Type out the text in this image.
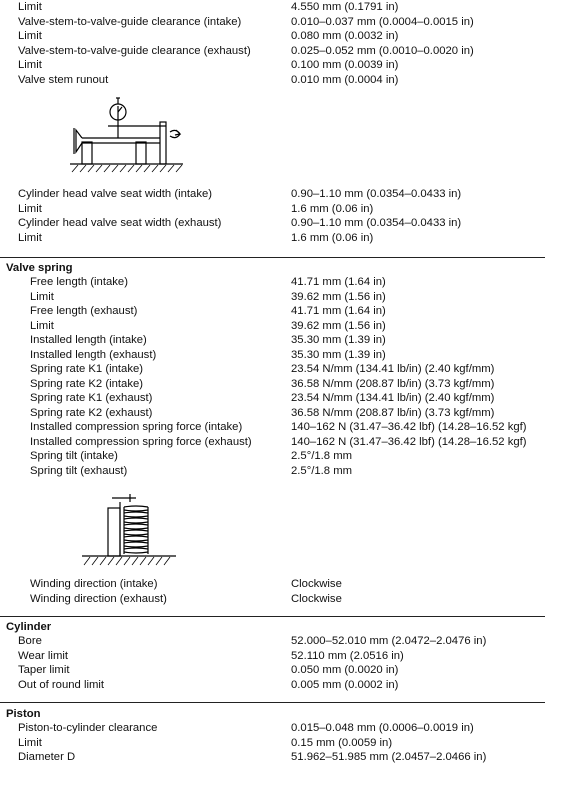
Limit	4.550 mm (0.1791 in)
Valve-stem-to-valve-guide clearance (intake)	0.010–0.037 mm (0.0004–0.0015 in)
Limit	0.080 mm (0.0032 in)
Valve-stem-to-valve-guide clearance (exhaust)	0.025–0.052 mm (0.0010–0.0020 in)
Limit	0.100 mm (0.0039 in)
Valve stem runout	0.010 mm (0.0004 in)
Cylinder head valve seat width (intake)	0.90–1.10 mm (0.0354–0.0433 in)
Limit	1.6 mm (0.06 in)
Cylinder head valve seat width (exhaust)	0.90–1.10 mm (0.0354–0.0433 in)
Limit	1.6 mm (0.06 in)
Valve spring
Free length (intake)	41.71 mm (1.64 in)
Limit	39.62 mm (1.56 in)
Free length (exhaust)	41.71 mm (1.64 in)
Limit	39.62 mm (1.56 in)
Installed length (intake)	35.30 mm (1.39 in)
Installed length (exhaust)	35.30 mm (1.39 in)
Spring rate K1 (intake)	23.54 N/mm (134.41 lb/in) (2.40 kgf/mm)
Spring rate K2 (intake)	36.58 N/mm (208.87 lb/in) (3.73 kgf/mm)
Spring rate K1 (exhaust)	23.54 N/mm (134.41 lb/in) (2.40 kgf/mm)
Spring rate K2 (exhaust)	36.58 N/mm (208.87 lb/in) (3.73 kgf/mm)
Installed compression spring force (intake)	140–162 N (31.47–36.42 lbf) (14.28–16.52 kgf)
Installed compression spring force (exhaust)	140–162 N (31.47–36.42 lbf) (14.28–16.52 kgf)
Spring tilt (intake)	2.5°/1.8 mm
Spring tilt (exhaust)	2.5°/1.8 mm
Winding direction (intake)	Clockwise
Winding direction (exhaust)	Clockwise
Cylinder
Bore	52.000–52.010 mm (2.0472–2.0476 in)
Wear limit	52.110 mm (2.0516 in)
Taper limit	0.050 mm (0.0020 in)
Out of round limit	0.005 mm (0.0002 in)
Piston
Piston-to-cylinder clearance	0.015–0.048 mm (0.0006–0.0019 in)
Limit	0.15 mm (0.0059 in)
Diameter D	51.962–51.985 mm (2.0457–2.0466 in)
